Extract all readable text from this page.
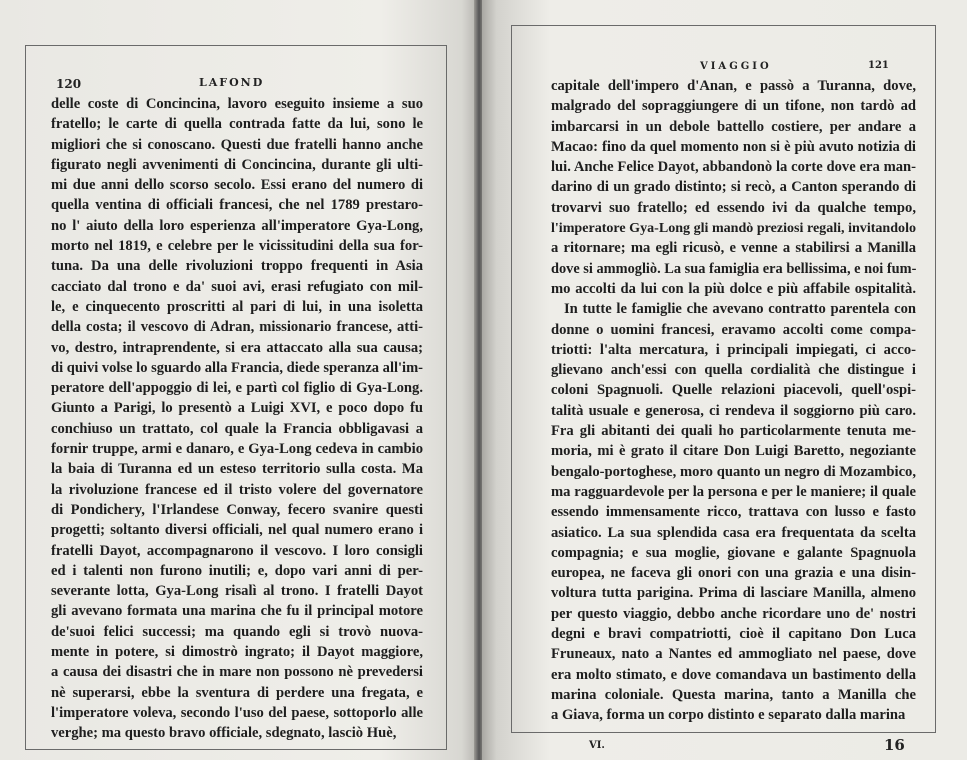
120	LAFOND
delle coste di Concincina, lavoro eseguito insieme a suo
fratello; le carte di quella contrada fatte da lui, sono le
migliori che si conoscano. Questi due fratelli hanno anche
figurato negli avvenimenti di Concincina, durante gli ulti-
mi due anni dello scorso secolo. Essi erano del numero di
quella ventina di officiali francesi, che nel 1789 prestaro-
no l' aiuto della loro esperienza all'imperatore Gya-Long,
morto nel 1819, e celebre per le vicissitudini della sua for-
tuna. Da una delle rivoluzioni troppo frequenti in Asia
cacciato dal trono e da' suoi avi, erasi refugiato con mil-
le, e cinquecento proscritti al pari di lui, in una isoletta
della costa; il vescovo di Adran, missionario francese, atti-
vo, destro, intraprendente, si era attaccato alla sua causa;
di quivi volse lo sguardo alla Francia, diede speranza all'im-
peratore dell'appoggio di lei, e partì col figlio di Gya-Long.
Giunto a Parigi, lo presentò a Luigi XVI, e poco dopo fu
conchiuso un trattato, col quale la Francia obbligavasi a
fornir truppe, armi e danaro, e Gya-Long cedeva in cambio
la baia di Turanna ed un esteso territorio sulla costa. Ma
la rivoluzione francese ed il tristo volere del governatore
di Pondichery, l'Irlandese Conway, fecero svanire questi
progetti; soltanto diversi officiali, nel qual numero erano i
fratelli Dayot, accompagnarono il vescovo. I loro consigli
ed i talenti non furono inutili; e, dopo vari anni di per-
severante lotta, Gya-Long risalì al trono. I fratelli Dayot
gli avevano formata una marina che fu il principal motore
de'suoi felici successi; ma quando egli si trovò nuova-
mente in potere, si dimostrò ingrato; il Dayot maggiore,
a causa dei disastri che in mare non possono nè prevedersi
nè superarsi, ebbe la sventura di perdere una fregata, e
l'imperatore voleva, secondo l'uso del paese, sottoporlo alle
verghe; ma questo bravo officiale, sdegnato, lasciò Huè,
VIAGGIO	121
capitale dell'impero d'Anan, e passò a Turanna, dove,
malgrado del sopraggiungere di un tifone, non tardò ad
imbarcarsi in un debole battello costiere, per andare a
Macao: fino da quel momento non si è più avuto notizia di
lui. Anche Felice Dayot, abbandonò la corte dove era man-
darino di un grado distinto; si recò, a Canton sperando di
trovarvi suo fratello; ed essendo ivi da qualche tempo,
l'imperatore Gya-Long gli mandò preziosi regali, invitandolo
a ritornare; ma egli ricusò, e venne a stabilirsi a Manilla
dove si ammogliò. La sua famiglia era bellissima, e noi fum-
mo accolti da lui con la più dolce e più affabile ospitalità.
In tutte le famiglie che avevano contratto parentela con
donne o uomini francesi, eravamo accolti come compa-
triotti: l'alta mercatura, i principali impiegati, ci acco-
glievano anch'essi con quella cordialità che distingue i
coloni Spagnuoli. Quelle relazioni piacevoli, quell'ospi-
talità usuale e generosa, ci rendeva il soggiorno più caro.
Fra gli abitanti dei quali ho particolarmente tenuta me-
moria, mi è grato il citare Don Luigi Baretto, negoziante
bengalo-portoghese, moro quanto un negro di Mozambico,
ma ragguardevole per la persona e per le maniere; il quale
essendo immensamente ricco, trattava con lusso e fasto
asiatico. La sua splendida casa era frequentata da scelta
compagnia; e sua moglie, giovane e galante Spagnuola
europea, ne faceva gli onori con una grazia e una disin-
voltura tutta parigina. Prima di lasciare Manilla, almeno
per questo viaggio, debbo anche ricordare uno de' nostri
degni e bravi compatriotti, cioè il capitano Don Luca
Fruneaux, nato a Nantes ed ammogliato nel paese, dove
era molto stimato, e dove comandava un bastimento della
marina coloniale. Questa marina, tanto a Manilla che
a Giava, forma un corpo distinto e separato dalla marina
VI.	16
